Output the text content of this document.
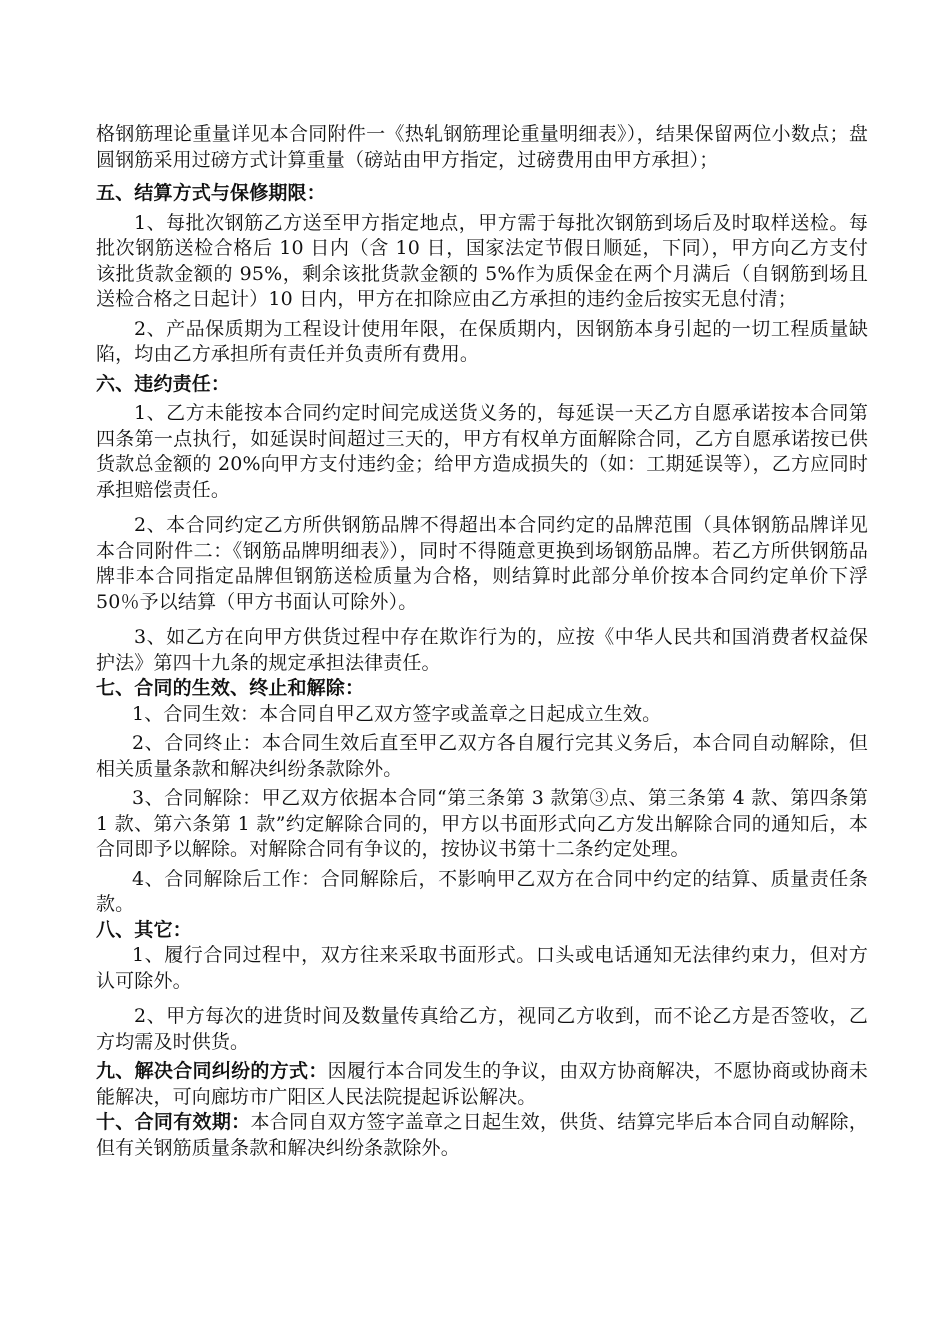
格钢筋理论重量详见本合同附件一《热轧钢筋理论重量明细表》），结果保留两位小数点；盘圆钢筋采用过磅方式计算重量（磅站由甲方指定，过磅费用由甲方承担）；

五、结算方式与保修期限：

1、每批次钢筋乙方送至甲方指定地点，甲方需于每批次钢筋到场后及时取样送检。每批次钢筋送检合格后 10 日内（含 10 日，国家法定节假日顺延，下同），甲方向乙方支付该批货款金额的 95%，剩余该批货款金额的 5%作为质保金在两个月满后（自钢筋到场且送检合格之日起计）10 日内，甲方在扣除应由乙方承担的违约金后按实无息付清；

2、产品保质期为工程设计使用年限，在保质期内，因钢筋本身引起的一切工程质量缺陷，均由乙方承担所有责任并负责所有费用。

六、违约责任：

1、乙方未能按本合同约定时间完成送货义务的，每延误一天乙方自愿承诺按本合同第四条第一点执行，如延误时间超过三天的，甲方有权单方面解除合同，乙方自愿承诺按已供货款总金额的 20%向甲方支付违约金；给甲方造成损失的（如：工期延误等），乙方应同时承担赔偿责任。

2、本合同约定乙方所供钢筋品牌不得超出本合同约定的品牌范围（具体钢筋品牌详见本合同附件二：《钢筋品牌明细表》），同时不得随意更换到场钢筋品牌。若乙方所供钢筋品牌非本合同指定品牌但钢筋送检质量为合格，则结算时此部分单价按本合同约定单价下浮 50％予以结算（甲方书面认可除外）。

3、如乙方在向甲方供货过程中存在欺诈行为的，应按《中华人民共和国消费者权益保护法》第四十九条的规定承担法律责任。

七、合同的生效、终止和解除：

1、合同生效：本合同自甲乙双方签字或盖章之日起成立生效。

2、合同终止：本合同生效后直至甲乙双方各自履行完其义务后，本合同自动解除，但相关质量条款和解决纠纷条款除外。

3、合同解除：甲乙双方依据本合同“第三条第 3 款第③点、第三条第 4 款、第四条第 1 款、第六条第 1 款”约定解除合同的，甲方以书面形式向乙方发出解除合同的通知后，本合同即予以解除。对解除合同有争议的，按协议书第十二条约定处理。

4、合同解除后工作：合同解除后，不影响甲乙双方在合同中约定的结算、质量责任条款。

八、其它：

1、履行合同过程中，双方往来采取书面形式。口头或电话通知无法律约束力，但对方认可除外。

2、甲方每次的进货时间及数量传真给乙方，视同乙方收到，而不论乙方是否签收，乙方均需及时供货。

九、解决合同纠纷的方式：因履行本合同发生的争议，由双方协商解决，不愿协商或协商未能解决，可向廊坊市广阳区人民法院提起诉讼解决。

十、合同有效期：本合同自双方签字盖章之日起生效，供货、结算完毕后本合同自动解除，但有关钢筋质量条款和解决纠纷条款除外。
